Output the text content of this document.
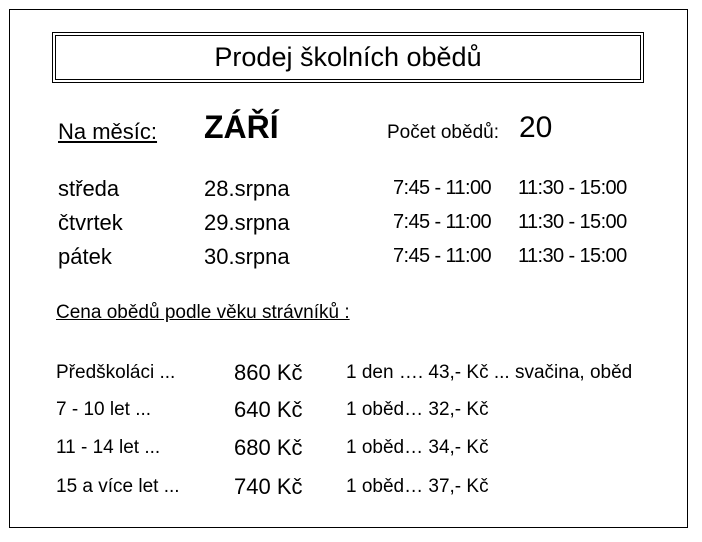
Prodej školních obědů
Na měsíc: ZÁŘÍ	Počet obědů: 20
středa	28.srpna	7:45 - 11:00 11:30 - 15:00
čtvrtek	29.srpna	7:45 - 11:00 11:30 - 15:00
pátek	30.srpna	7:45 - 11:00 11:30 - 15:00
Cena obědů podle věku strávníků :
Předškoláci ...	860 Kč 1 den …. 43,- Kč ... svačina, oběd
7 - 10 let ...	640 Kč 1 oběd… 32,- Kč
11 - 14 let ...	680 Kč 1 oběd… 34,- Kč
15 a více let ... 740 Kč 1 oběd… 37,- Kč
